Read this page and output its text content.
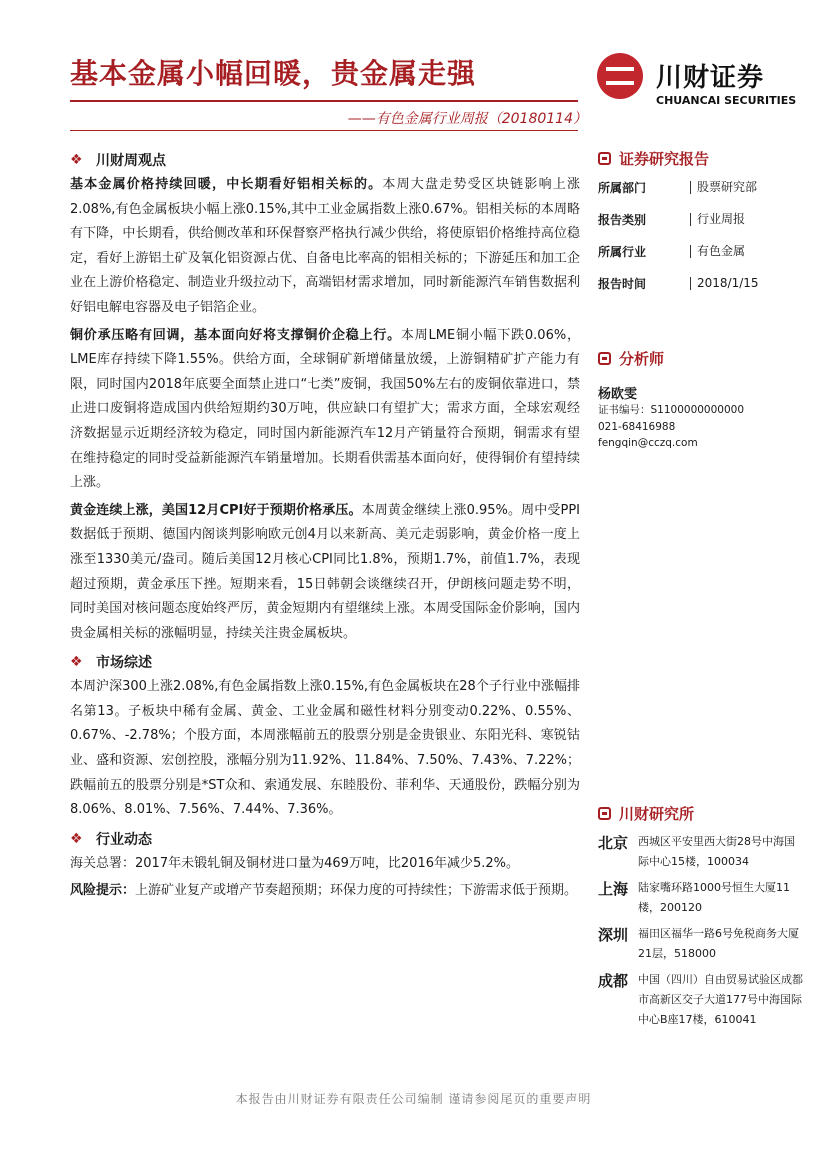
基本金属小幅回暖，贵金属走强
——有色金属行业周报（20180114）
川财证券
CHUANCAI SECURITIES
❖ 川财周观点

基本金属价格持续回暖，中长期看好铝相关标的。本周大盘走势受区块链影响上涨2.08%,有色金属板块小幅上涨0.15%,其中工业金属指数上涨0.67%。铝相关标的本周略有下降，中长期看，供给侧改革和环保督察严格执行减少供给，将使原铝价格维持高位稳定，看好上游铝土矿及氧化铝资源占优、自备电比率高的铝相关标的；下游延压和加工企业在上游价格稳定、制造业升级拉动下，高端铝材需求增加，同时新能源汽车销售数据利好铝电解电容器及电子铝箔企业。

铜价承压略有回调，基本面向好将支撑铜价企稳上行。本周LME铜小幅下跌0.06%，LME库存持续下降1.55%。供给方面，全球铜矿新增储量放缓，上游铜精矿扩产能力有限，同时国内2018年底要全面禁止进口“七类”废铜，我国50%左右的废铜依靠进口，禁止进口废铜将造成国内供给短期约30万吨，供应缺口有望扩大；需求方面，全球宏观经济数据显示近期经济较为稳定，同时国内新能源汽车12月产销量符合预期，铜需求有望在维持稳定的同时受益新能源汽车销量增加。长期看供需基本面向好，使得铜价有望持续上涨。

黄金连续上涨，美国12月CPI好于预期价格承压。本周黄金继续上涨0.95%。周中受PPI数据低于预期、德国内阁谈判影响欧元创4月以来新高、美元走弱影响，黄金价格一度上涨至1330美元/盎司。随后美国12月核心CPI同比1.8%，预期1.7%，前值1.7%，表现超过预期，黄金承压下挫。短期来看，15日韩朝会谈继续召开，伊朗核问题走势不明，同时美国对核问题态度始终严厉，黄金短期内有望继续上涨。本周受国际金价影响，国内贵金属相关标的涨幅明显，持续关注贵金属板块。

❖ 市场综述

本周沪深300上涨2.08%,有色金属指数上涨0.15%,有色金属板块在28个子行业中涨幅排名第13。子板块中稀有金属、黄金、工业金属和磁性材料分别变动0.22%、0.55%、0.67%、-2.78%；个股方面，本周涨幅前五的股票分别是金贵银业、东阳光科、寒锐钴业、盛和资源、宏创控股，涨幅分别为11.92%、11.84%、7.50%、7.43%、7.22%；跌幅前五的股票分别是*ST众和、索通发展、东睦股份、菲利华、天通股份，跌幅分别为8.06%、8.01%、7.56%、7.44%、7.36%。

❖ 行业动态

海关总署：2017年未锻轧铜及铜材进口量为469万吨，比2016年减少5.2%。

风险提示：上游矿业复产或增产节奏超预期；环保力度的可持续性；下游需求低于预期。

证券研究报告
所属部门	股票研究部
报告类别	行业周报
所属行业	有色金属
报告时间	2018/1/15
分析师
杨欧雯
证书编号：S1100000000000
021-68416988
fengqin@cczq.com
川财研究所
北京 西城区平安里西大街28号中海国际中心15楼，100034
上海 陆家嘴环路1000号恒生大厦11楼，200120
深圳 福田区福华一路6号免税商务大厦21层，518000
成都 中国（四川）自由贸易试验区成都市高新区交子大道177号中海国际中心B座17楼，610041
本报告由川财证券有限责任公司编制 谨请参阅尾页的重要声明
